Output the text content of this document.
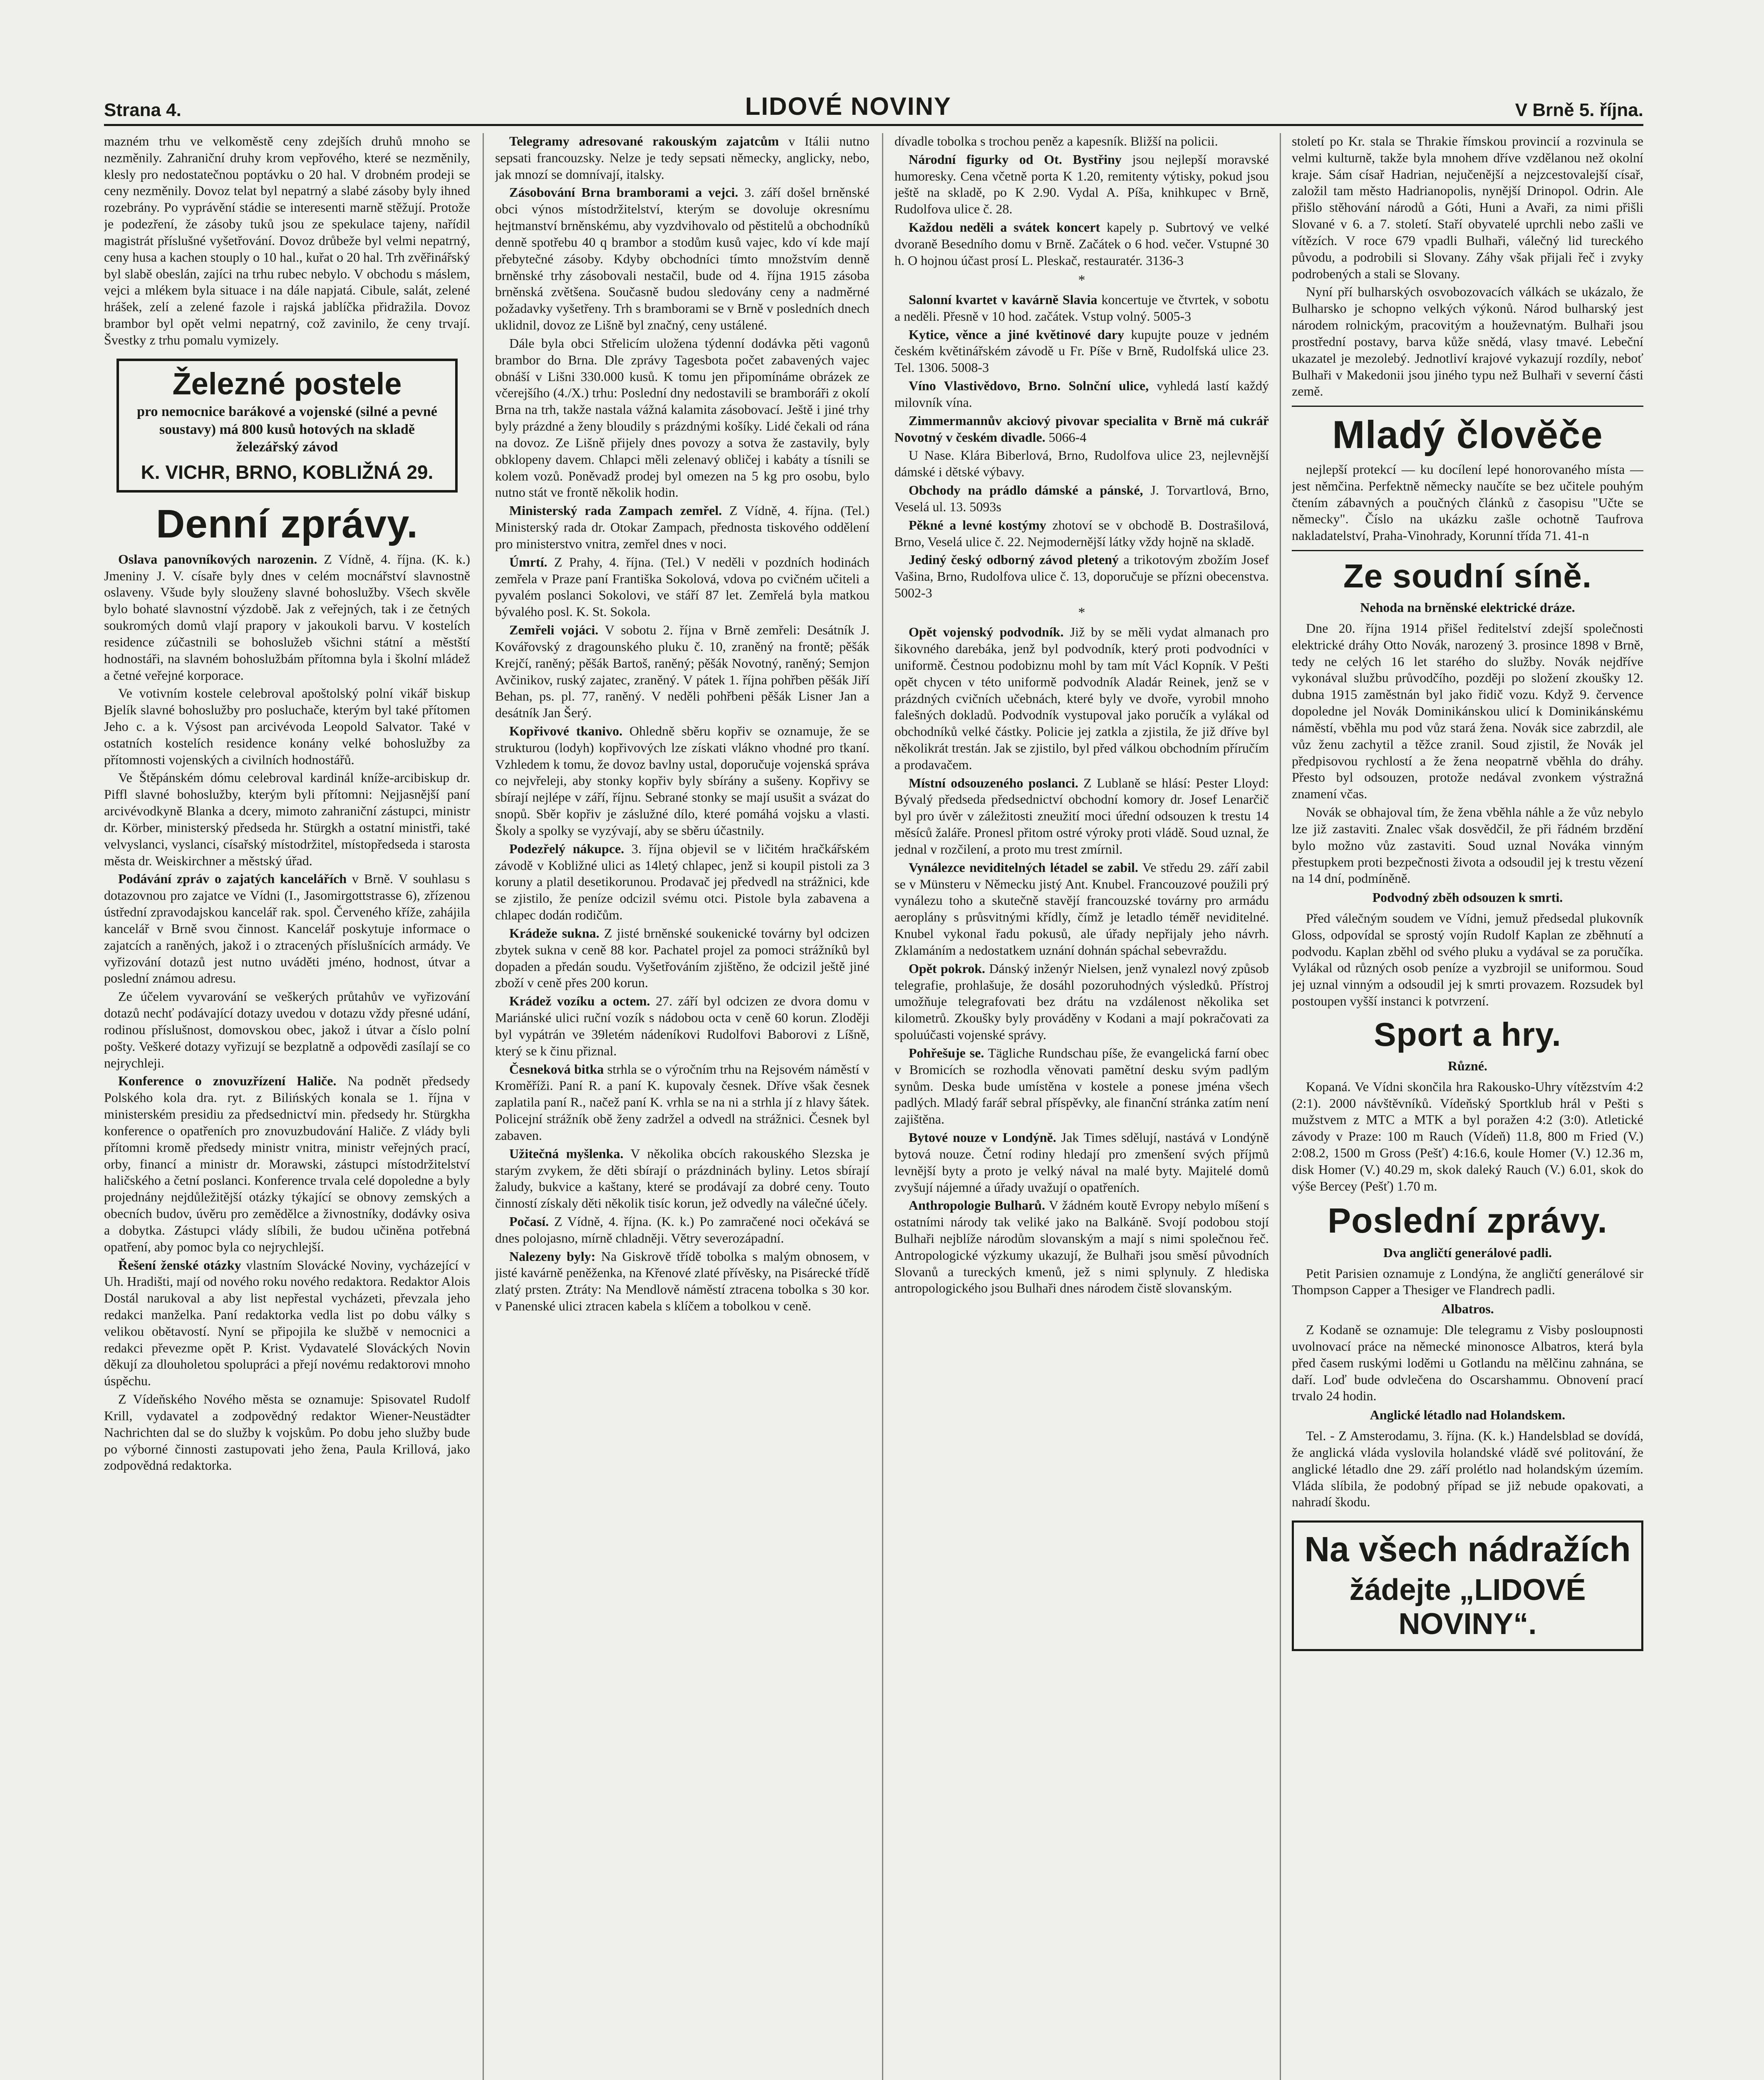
Strana 4.	LIDOVÉ NOVINY	V Brně 5. října.

mazném trhu ve velkoměstě ceny zdejších druhů mnoho se nezměnily. Zahraniční druhy krom vepřového, které se nezměnily, klesly pro nedostatečnou poptávku o 20 hal. V drobném prodeji se ceny nezměnily. Dovoz telat byl nepatrný a slabé zásoby byly ihned rozebrány. Po vyprávění stádie se interesenti marně stěžují. Protože je podezření, že zásoby tuků jsou ze spekulace tajeny, nařídil magistrát příslušné vyšetřování. Dovoz drůbeže byl velmi nepatrný, ceny husa a kachen stouply o 10 hal., kuřat o 20 hal. Trh zvěřinářský byl slabě obeslán, zajíci na trhu rubec nebylo. V obchodu s máslem, vejci a mlékem byla situace i na dále napjatá. Cibule, salát, zelené hrášek, zelí a zelené fazole i rajská jablíčka přidražila. Dovoz brambor byl opět velmi nepatrný, což zavinilo, že ceny trvají. Švestky z trhu pomalu vymizely.

Železné postele
pro nemocnice barákové a vojenské (silné a pevné soustavy) má 800 kusů hotových na skladě železářský závod
K. VICHR, BRNO, KOBLIŽNÁ 29.
Denní zprávy.

Oslava panovníkových narozenin. Z Vídně, 4. října. (K. k.) Jmeniny J. V. císaře byly dnes v celém mocnářství slavnostně oslaveny. Všude byly slouženy slavné bohoslužby. Všech skvěle bylo bohaté slavnostní výzdobě. Jak z veřejných, tak i ze četných soukromých domů vlají prapory v jakoukoli barvu. V kostelích residence zúčastnili se bohoslužeb všichni státní a městští hodnostáři, na slavném bohoslužbám přítomna byla i školní mládež a četné veřejné korporace.

Ve votivním kostele celebroval apoštolský polní vikář biskup Bjelík slavné bohoslužby pro posluchače, kterým byl také přítomen Jeho c. a k. Výsost pan arcivévoda Leopold Salvator. Také v ostatních kostelích residence konány velké bohoslužby za přítomnosti vojenských a civilních hodnostářů.

Ve Štěpánském dómu celebroval kardinál kníže-arcibiskup dr. Piffl slavné bohoslužby, kterým byli přítomni: Nejjasnější paní arcivévodkyně Blanka a dcery, mimoto zahraniční zástupci, ministr dr. Körber, ministerský předseda hr. Stürgkh a ostatní ministři, také velvyslanci, vyslanci, císařský místodržitel, místopředseda i starosta města dr. Weiskirchner a městský úřad.

Podávání zpráv o zajatých kancelářích v Brně. V souhlasu s dotazovnou pro zajatce ve Vídni (I., Jasomirgottstrasse 6), zřízenou ústřední zpravodajskou kancelář rak. spol. Červeného kříže, zahájila kancelář v Brně svou činnost. Kancelář poskytuje informace o zajatcích a raněných, jakož i o ztracených příslušnících armády. Ve vyřizování dotazů jest nutno uváděti jméno, hodnost, útvar a poslední známou adresu.

Ze účelem vyvarování se veškerých průtahův ve vyřizování dotazů nechť podávající dotazy uvedou v dotazu vždy přesné udání, rodinou příslušnost, domovskou obec, jakož i útvar a číslo polní pošty. Veškeré dotazy vyřizují se bezplatně a odpovědi zasílají se co nejrychleji.

Konference o znovuzřízení Haliče. Na podnět předsedy Polského kola dra. ryt. z Bilińských konala se 1. října v ministerském presidiu za předsednictví min. předsedy hr. Stürgkha konference o opatřeních pro znovuzbudování Haliče. Z vlády byli přítomni kromě předsedy ministr vnitra, ministr veřejných prací, orby, financí a ministr dr. Morawski, zástupci místodržitelství haličského a četní poslanci. Konference trvala celé dopoledne a byly projednány nejdůležitější otázky týkající se obnovy zemských a obecních budov, úvěru pro zemědělce a živnostníky, dodávky osiva a dobytka. Zástupci vlády slíbili, že budou učiněna potřebná opatření, aby pomoc byla co nejrychlejší.

Řešení ženské otázky vlastním Slovácké Noviny, vycházející v Uh. Hradišti, mají od nového roku nového redaktora. Redaktor Alois Dostál narukoval a aby list nepřestal vycházeti, převzala jeho redakci manželka. Paní redaktorka vedla list po dobu války s velikou obětavostí. Nyní se připojila ke službě v nemocnici a redakci převezme opět P. Krist. Vydavatelé Slováckých Novin děkují za dlouholetou spolupráci a přejí novému redaktorovi mnoho úspěchu.

Z Vídeňského Nového města se oznamuje: Spisovatel Rudolf Krill, vydavatel a zodpovědný redaktor Wiener-Neustädter Nachrichten dal se do služby k vojskům. Po dobu jeho služby bude po výborné činnosti zastupovati jeho žena, Paula Krillová, jako zodpovědná redaktorka.

Telegramy adresované rakouským zajatcům v Itálii nutno sepsati francouzsky. Nelze je tedy sepsati německy, anglicky, nebo, jak mnozí se domnívají, italsky.

Zásobování Brna bramborami a vejci. 3. září došel brněnské obci výnos místodržitelství, kterým se dovoluje okresnímu hejtmanství brněnskému, aby vyzdvihovalo od pěstitelů a obchodníků denně spotřebu 40 q brambor a stodům kusů vajec, kdo ví kde mají přebytečné zásoby. Kdyby obchodníci tímto množstvím denně brněnské trhy zásobovali nestačil, bude od 4. října 1915 zásoba brněnská zvětšena. Současně budou sledovány ceny a nadměrné požadavky vyšetřeny. Trh s bramborami se v Brně v posledních dnech uklidnil, dovoz ze Lišně byl značný, ceny ustálené.

Dále byla obci Střelicím uložena týdenní dodávka pěti vagonů brambor do Brna. Dle zprávy Tagesbota počet zabavených vajec obnáší v Lišni 330.000 kusů. K tomu jen připomínáme obrázek ze včerejšího (4./X.) trhu: Poslední dny nedostavili se bramboráři z okolí Brna na trh, takže nastala vážná kalamita zásobovací. Ještě i jiné trhy byly prázdné a ženy bloudily s prázdnými košíky. Lidé čekali od rána na dovoz. Ze Lišně přijely dnes povozy a sotva že zastavily, byly obklopeny davem. Chlapci měli zelenavý obličej i kabáty a tísnili se kolem vozů. Poněvadž prodej byl omezen na 5 kg pro osobu, bylo nutno stát ve frontě několik hodin.

Ministerský rada Zampach zemřel. Z Vídně, 4. října. (Tel.) Ministerský rada dr. Otokar Zampach, přednosta tiskového oddělení pro ministerstvo vnitra, zemřel dnes v noci.

Úmrtí. Z Prahy, 4. října. (Tel.) V neděli v pozdních hodinách zemřela v Praze paní Františka Sokolová, vdova po cvičném učiteli a pyvalém poslanci Sokolovi, ve stáří 87 let. Zemřelá byla matkou bývalého posl. K. St. Sokola.

Zemřeli vojáci. V sobotu 2. října v Brně zemřeli: Desátník J. Kovářovský z dragounského pluku č. 10, zraněný na frontě; pěšák Krejčí, raněný; pěšák Bartoš, raněný; pěšák Novotný, raněný; Semjon Avčinikov, ruský zajatec, zraněný. V pátek 1. října pohřben pěšák Jiří Behan, ps. pl. 77, raněný. V neděli pohřbeni pěšák Lisner Jan a desátník Jan Šerý.

Kopřivové tkanivo. Ohledně sběru kopřiv se oznamuje, že se strukturou (lodyh) kopřivových lze získati vlákno vhodné pro tkaní. Vzhledem k tomu, že dovoz bavlny ustal, doporučuje vojenská správa co nejvřeleji, aby stonky kopřiv byly sbírány a sušeny. Kopřivy se sbírají nejlépe v září, říjnu. Sebrané stonky se mají usušit a svázat do snopů. Sběr kopřiv je záslužné dílo, které pomáhá vojsku a vlasti. Školy a spolky se vyzývají, aby se sběru účastnily.

Podezřelý nákupce. 3. října objevil se v ličitém hračkářském závodě v Kobližné ulici as 14letý chlapec, jenž si koupil pistoli za 3 koruny a platil desetikorunou. Prodavač jej předvedl na strážnici, kde se zjistilo, že peníze odcizil svému otci. Pistole byla zabavena a chlapec dodán rodičům.

Krádeže sukna. Z jisté brněnské soukenické továrny byl odcizen zbytek sukna v ceně 88 kor. Pachatel projel za pomoci strážníků byl dopaden a předán soudu. Vyšetřováním zjištěno, že odcizil ještě jiné zboží v ceně přes 200 korun.

Krádež vozíku a octem. 27. září byl odcizen ze dvora domu v Mariánské ulici ruční vozík s nádobou octa v ceně 60 korun. Zloději byl vypátrán ve 39letém nádeníkovi Rudolfovi Baborovi z Líšně, který se k činu přiznal.

Česneková bitka strhla se o výročním trhu na Rejsovém náměstí v Kroměříži. Paní R. a paní K. kupovaly česnek. Dříve však česnek zaplatila paní R., načež paní K. vrhla se na ni a strhla jí z hlavy šátek. Policejní strážník obě ženy zadržel a odvedl na strážnici. Česnek byl zabaven.

Užitečná myšlenka. V několika obcích rakouského Slezska je starým zvykem, že děti sbírají o prázdninách byliny. Letos sbírají žaludy, bukvice a kaštany, které se prodávají za dobré ceny. Touto činností získaly děti několik tisíc korun, jež odvedly na válečné účely.

Počasí. Z Vídně, 4. října. (K. k.) Po zamračené noci očekává se dnes polojasno, mírně chladněji. Větry severozápadní.

Nalezeny byly: Na Giskrově třídě tobolka s malým obnosem, v jisté kavárně peněženka, na Křenové zlaté přívěsky, na Pisárecké třídě zlatý prsten. Ztráty: Na Mendlově náměstí ztracena tobolka s 30 kor. v Panenské ulici ztracen kabela s klíčem a tobolkou v ceně.

dívadle tobolka s trochou peněz a kapesník. Bližší na policii.

Národní figurky od Ot. Bystřiny jsou nejlepší moravské humoresky. Cena včetně porta K 1.20, remitenty výtisky, pokud jsou ještě na skladě, po K 2.90. Vydal A. Píša, knihkupec v Brně, Rudolfova ulice č. 28.

Každou neděli a svátek koncert kapely p. Subrtový ve velké dvoraně Besedního domu v Brně. Začátek o 6 hod. večer. Vstupné 30 h. O hojnou účast prosí L. Pleskač, restauratér. 3136-3

*

Salonní kvartet v kavárně Slavia koncertuje ve čtvrtek, v sobotu a neděli. Přesně v 10 hod. začátek. Vstup volný. 5005-3

Kytice, věnce a jiné květinové dary kupujte pouze v jedném českém květinářském závodě u Fr. Píše v Brně, Rudolfská ulice 23. Tel. 1306. 5008-3

Víno Vlastivědovo, Brno. Solnční ulice, vyhledá lastí každý milovník vína.

Zimmermannův akciový pivovar specialita v Brně má cukrář Novotný v českém divadle. 5066-4

U Nase. Klára Biberlová, Brno, Rudolfova ulice 23, nejlevnější dámské i dětské výbavy.

Obchody na prádlo dámské a pánské, J. Torvartlová, Brno, Veselá ul. 13. 5093s

Pěkné a levné kostýmy zhotoví se v obchodě B. Dostrašilová, Brno, Veselá ulice č. 22. Nejmodernější látky vždy hojně na skladě.

Jediný český odborný závod pletený a trikotovým zbožím Josef Vašina, Brno, Rudolfova ulice č. 13, doporučuje se přízni obecenstva. 5002-3

*

Opět vojenský podvodník. Již by se měli vydat almanach pro šikovného darebáka, jenž byl podvodník, který proti podvodníci v uniformě. Čestnou podobiznu mohl by tam mít Václ Kopník. V Pešti opět chycen v této uniformě podvodník Aladár Reinek, jenž se v prázdných cvičních učebnách, které byly ve dvoře, vyrobil mnoho falešných dokladů. Podvodník vystupoval jako poručík a vylákal od obchodníků velké částky. Policie jej zatkla a zjistila, že již dříve byl několikrát trestán. Jak se zjistilo, byl před válkou obchodním příručím a prodavačem.

Místní odsouzeného poslanci. Z Lublaně se hlásí: Pester Lloyd: Bývalý předseda předsednictví obchodní komory dr. Josef Lenarčič byl pro úvěr v záležitosti zneužití moci úřední odsouzen k trestu 14 měsíců žaláře. Pronesl přitom ostré výroky proti vládě. Soud uznal, že jednal v rozčilení, a proto mu trest zmírnil.

Vynálezce neviditelných létadel se zabil. Ve středu 29. září zabil se v Münsteru v Německu jistý Ant. Knubel. Francouzové použili prý vynálezu toho a skutečně stavějí francouzské továrny pro armádu aeroplány s průsvitnými křídly, čímž je letadlo téměř neviditelné. Knubel vykonal řadu pokusů, ale úřady nepřijaly jeho návrh. Zklamáním a nedostatkem uznání dohnán spáchal sebevraždu.

Opět pokrok. Dánský inženýr Nielsen, jenž vynalezl nový způsob telegrafie, prohlašuje, že dosáhl pozoruhodných výsledků. Přístroj umožňuje telegrafovati bez drátu na vzdálenost několika set kilometrů. Zkoušky byly prováděny v Kodani a mají pokračovati za spoluúčasti vojenské správy.

Pohřešuje se. Tägliche Rundschau píše, že evangelická farní obec v Bromicích se rozhodla věnovati pamětní desku svým padlým synům. Deska bude umístěna v kostele a ponese jména všech padlých. Mladý farář sebral příspěvky, ale finanční stránka zatím není zajištěna.

Bytové nouze v Londýně. Jak Times sdělují, nastává v Londýně bytová nouze. Četní rodiny hledají pro zmenšení svých příjmů levnější byty a proto je velký nával na malé byty. Majitelé domů zvyšují nájemné a úřady uvažují o opatřeních.

Anthropologie Bulharů. V žádném koutě Evropy nebylo míšení s ostatními národy tak veliké jako na Balkáně. Svojí podobou stojí Bulhaři nejblíže národům slovanským a mají s nimi společnou řeč. Antropologické výzkumy ukazují, že Bulhaři jsou směsí původních Slovanů a tureckých kmenů, jež s nimi splynuly. Z hlediska antropologického jsou Bulhaři dnes národem čistě slovanským.

století po Kr. stala se Thrakie římskou provincií a rozvinula se velmi kulturně, takže byla mnohem dříve vzdělanou než okolní kraje. Sám císař Hadrian, nejučenější a nejzcestovalejší císař, založil tam město Hadrianopolis, nynější Drinopol. Odrin. Ale přišlo stěhování národů a Góti, Huni a Avaři, za nimi přišli Slované v 6. a 7. století. Staří obyvatelé uprchli nebo zašli ve vítězích. V roce 679 vpadli Bulhaři, válečný lid tureckého původu, a podrobili si Slovany. Záhy však přijali řeč i zvyky podrobených a stali se Slovany.

Nyní pří bulharských osvobozovacích válkách se ukázalo, že Bulharsko je schopno velkých výkonů. Národ bulharský jest národem rolnickým, pracovitým a houževnatým. Bulhaři jsou prostřední postavy, barva kůže snědá, vlasy tmavé. Lebeční ukazatel je mezolebý. Jednotliví krajové vykazují rozdíly, neboť Bulhaři v Makedonii jsou jiného typu než Bulhaři v severní části země.

Mladý človĕče

nejlepší protekcí — ku docílení lepé honorovaného místa — jest němčina. Perfektně německy naučíte se bez učitele pouhým čtením zábavných a poučných článků z časopisu "Učte se německy". Číslo na ukázku zašle ochotně Taufrova nakladatelství, Praha-Vinohrady, Korunní třída 71. 41-n

Ze soudní síně.
Nehoda na brněnské elektrické dráze.

Dne 20. října 1914 přišel ředitelství zdejší společnosti elektrické dráhy Otto Novák, narozený 3. prosince 1898 v Brně, tedy ne celých 16 let starého do služby. Novák nejdříve vykonával službu průvodčího, později po složení zkoušky 12. dubna 1915 zaměstnán byl jako řidič vozu. Když 9. července dopoledne jel Novák Dominikánskou ulicí k Dominikánskému náměstí, vběhla mu pod vůz stará žena. Novák sice zabrzdil, ale vůz ženu zachytil a těžce zranil. Soud zjistil, že Novák jel předpisovou rychlostí a že žena neopatrně vběhla do dráhy. Přesto byl odsouzen, protože nedával zvonkem výstražná znamení včas.

Novák se obhajoval tím, že žena vběhla náhle a že vůz nebylo lze již zastaviti. Znalec však dosvědčil, že při řádném brzdění bylo možno vůz zastaviti. Soud uznal Nováka vinným přestupkem proti bezpečnosti života a odsoudil jej k trestu vězení na 14 dní, podmíněně.

Podvodný zběh odsouzen k smrti.

Před válečným soudem ve Vídni, jemuž předsedal plukovník Gloss, odpovídal se sprostý vojín Rudolf Kaplan ze zběhnutí a podvodu. Kaplan zběhl od svého pluku a vydával se za poručíka. Vylákal od různých osob peníze a vyzbrojil se uniformou. Soud jej uznal vinným a odsoudil jej k smrti provazem. Rozsudek byl postoupen vyšší instanci k potvrzení.

Sport a hry.
Různé.

Kopaná. Ve Vídni skončila hra Rakousko-Uhry vítězstvím 4:2 (2:1). 2000 návštěvníků. Vídeňský Sportklub hrál v Pešti s mužstvem z MTC a MTK a byl poražen 4:2 (3:0). Atletické závody v Praze: 100 m Rauch (Vídeň) 11.8, 800 m Fried (V.) 2:08.2, 1500 m Gross (Pešť) 4:16.6, koule Homer (V.) 12.36 m, disk Homer (V.) 40.29 m, skok daleký Rauch (V.) 6.01, skok do výše Bercey (Pešť) 1.70 m.

Poslední zprávy.
Dva angličtí generálové padli.

Petit Parisien oznamuje z Londýna, že angličtí generálové sir Thompson Capper a Thesiger ve Flandrech padli.

Albatros.

Z Kodaně se oznamuje: Dle telegramu z Visby posloupnosti uvolnovací práce na německé minonosce Albatros, která byla před časem ruskými loděmi u Gotlandu na mělčinu zahnána, se daří. Loď bude odvlečena do Oscarshammu. Obnovení prací trvalo 24 hodin.

Anglické létadlo nad Holandskem.

Tel. - Z Amsterodamu, 3. října. (K. k.) Handelsblad se dovídá, že anglická vláda vyslovila holandské vládě své politování, že anglické létadlo dne 29. září prolétlo nad holandským územím. Vláda slíbila, že podobný případ se již nebude opakovati, a nahradí škodu.

Na všech nádražích
žádejte „LIDOVÉ NOVINY“.
